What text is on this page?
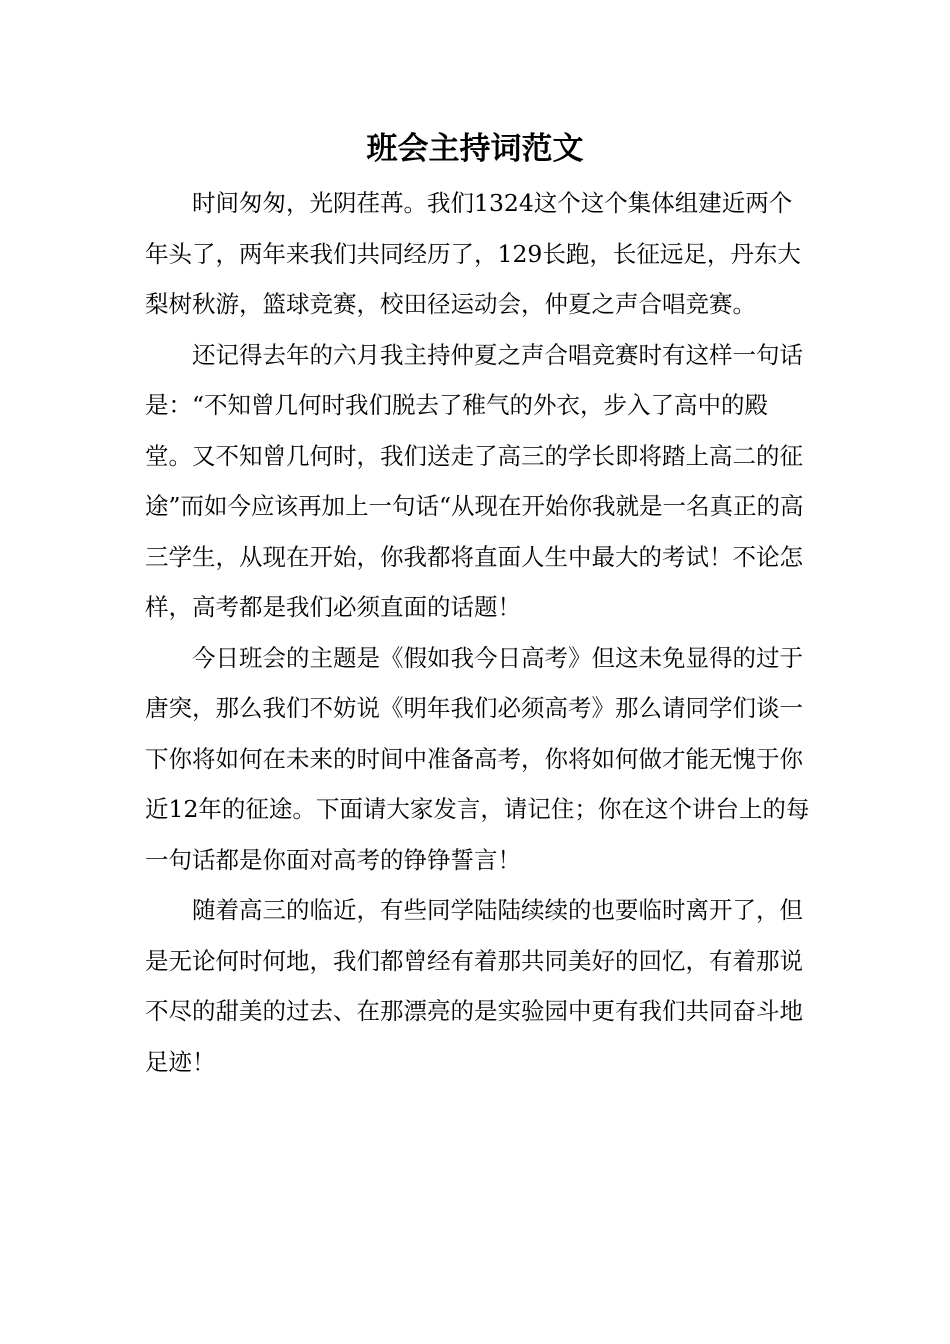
班会主持词范文

时间匆匆，光阴荏苒。我们1324这个这个集体组建近两个年头了，两年来我们共同经历了，129长跑，长征远足，丹东大梨树秋游，篮球竞赛，校田径运动会，仲夏之声合唱竞赛。

还记得去年的六月我主持仲夏之声合唱竞赛时有这样一句话是：“不知曾几何时我们脱去了稚气的外衣，步入了高中的殿堂。又不知曾几何时，我们送走了高三的学长即将踏上高二的征途”而如今应该再加上一句话“从现在开始你我就是一名真正的高三学生，从现在开始，你我都将直面人生中最大的考试！不论怎样，高考都是我们必须直面的话题！

今日班会的主题是《假如我今日高考》但这未免显得的过于唐突，那么我们不妨说《明年我们必须高考》那么请同学们谈一下你将如何在未来的时间中准备高考，你将如何做才能无愧于你近12年的征途。下面请大家发言，请记住；你在这个讲台上的每一句话都是你面对高考的铮铮誓言！

随着高三的临近，有些同学陆陆续续的也要临时离开了，但是无论何时何地，我们都曾经有着那共同美好的回忆，有着那说不尽的甜美的过去、在那漂亮的是实验园中更有我们共同奋斗地足迹！
